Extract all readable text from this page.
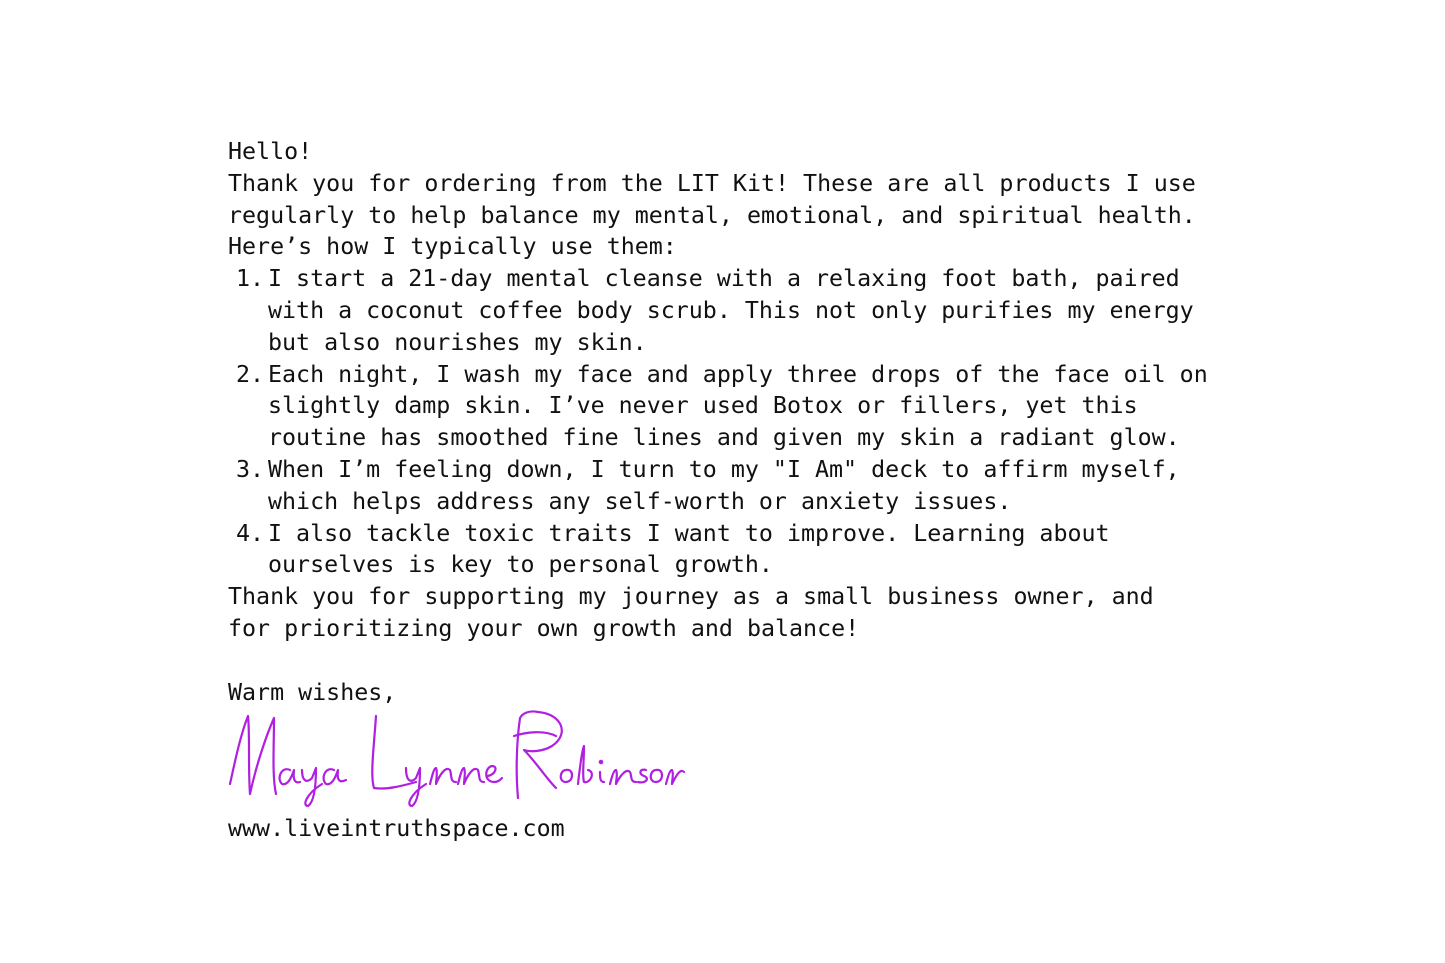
Hello!
Thank you for ordering from the LIT Kit! These are all products I use regularly to help balance my mental, emotional, and spiritual health. Here’s how I typically use them:
1. I start a 21-day mental cleanse with a relaxing foot bath, paired with a coconut coffee body scrub. This not only purifies my energy but also nourishes my skin.
2. Each night, I wash my face and apply three drops of the face oil on slightly damp skin. I’ve never used Botox or fillers, yet this routine has smoothed fine lines and given my skin a radiant glow.
3. When I’m feeling down, I turn to my "I Am" deck to affirm myself, which helps address any self-worth or anxiety issues.
4. I also tackle toxic traits I want to improve. Learning about ourselves is key to personal growth.
Thank you for supporting my journey as a small business owner, and for prioritizing your own growth and balance!
Warm wishes,
www.liveintruthspace.com
